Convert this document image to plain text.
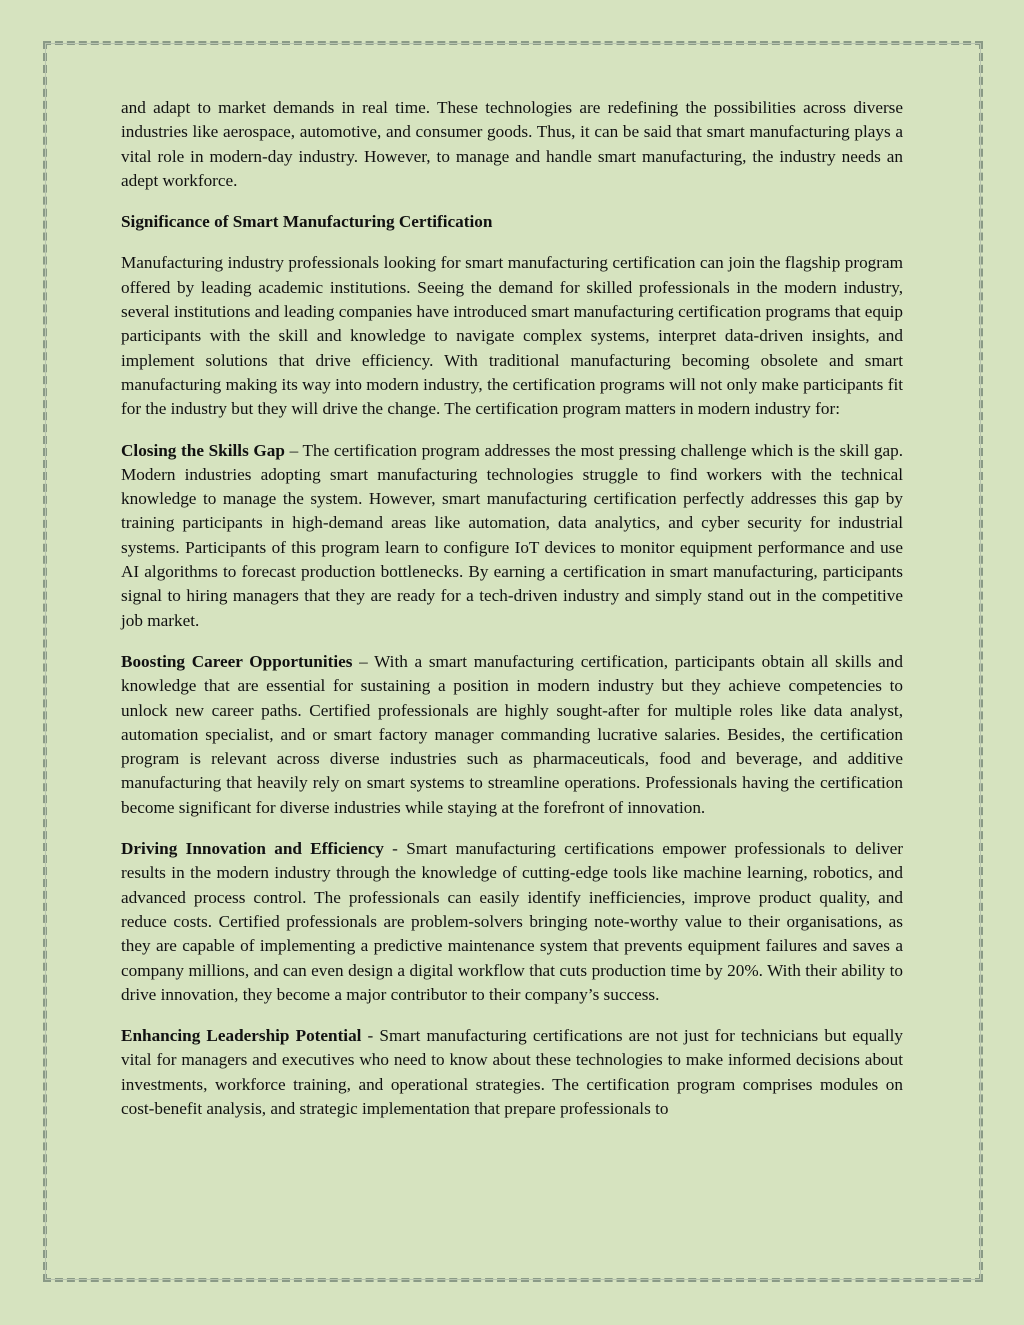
and adapt to market demands in real time. These technologies are redefining the possibilities across diverse industries like aerospace, automotive, and consumer goods. Thus, it can be said that smart manufacturing plays a vital role in modern-day industry. However, to manage and handle smart manufacturing, the industry needs an adept workforce.

Significance of Smart Manufacturing Certification

Manufacturing industry professionals looking for smart manufacturing certification can join the flagship program offered by leading academic institutions. Seeing the demand for skilled professionals in the modern industry, several institutions and leading companies have introduced smart manufacturing certification programs that equip participants with the skill and knowledge to navigate complex systems, interpret data-driven insights, and implement solutions that drive efficiency. With traditional manufacturing becoming obsolete and smart manufacturing making its way into modern industry, the certification programs will not only make participants fit for the industry but they will drive the change. The certification program matters in modern industry for:

Closing the Skills Gap – The certification program addresses the most pressing challenge which is the skill gap. Modern industries adopting smart manufacturing technologies struggle to find workers with the technical knowledge to manage the system. However, smart manufacturing certification perfectly addresses this gap by training participants in high-demand areas like automation, data analytics, and cyber security for industrial systems. Participants of this program learn to configure IoT devices to monitor equipment performance and use AI algorithms to forecast production bottlenecks. By earning a certification in smart manufacturing, participants signal to hiring managers that they are ready for a tech-driven industry and simply stand out in the competitive job market.

Boosting Career Opportunities – With a smart manufacturing certification, participants obtain all skills and knowledge that are essential for sustaining a position in modern industry but they achieve competencies to unlock new career paths. Certified professionals are highly sought-after for multiple roles like data analyst, automation specialist, and or smart factory manager commanding lucrative salaries. Besides, the certification program is relevant across diverse industries such as pharmaceuticals, food and beverage, and additive manufacturing that heavily rely on smart systems to streamline operations. Professionals having the certification become significant for diverse industries while staying at the forefront of innovation.

Driving Innovation and Efficiency - Smart manufacturing certifications empower professionals to deliver results in the modern industry through the knowledge of cutting-edge tools like machine learning, robotics, and advanced process control. The professionals can easily identify inefficiencies, improve product quality, and reduce costs. Certified professionals are problem-solvers bringing note-worthy value to their organisations, as they are capable of implementing a predictive maintenance system that prevents equipment failures and saves a company millions, and can even design a digital workflow that cuts production time by 20%. With their ability to drive innovation, they become a major contributor to their company’s success.

Enhancing Leadership Potential - Smart manufacturing certifications are not just for technicians but equally vital for managers and executives who need to know about these technologies to make informed decisions about investments, workforce training, and operational strategies. The certification program comprises modules on cost-benefit analysis, and strategic implementation that prepare professionals to
